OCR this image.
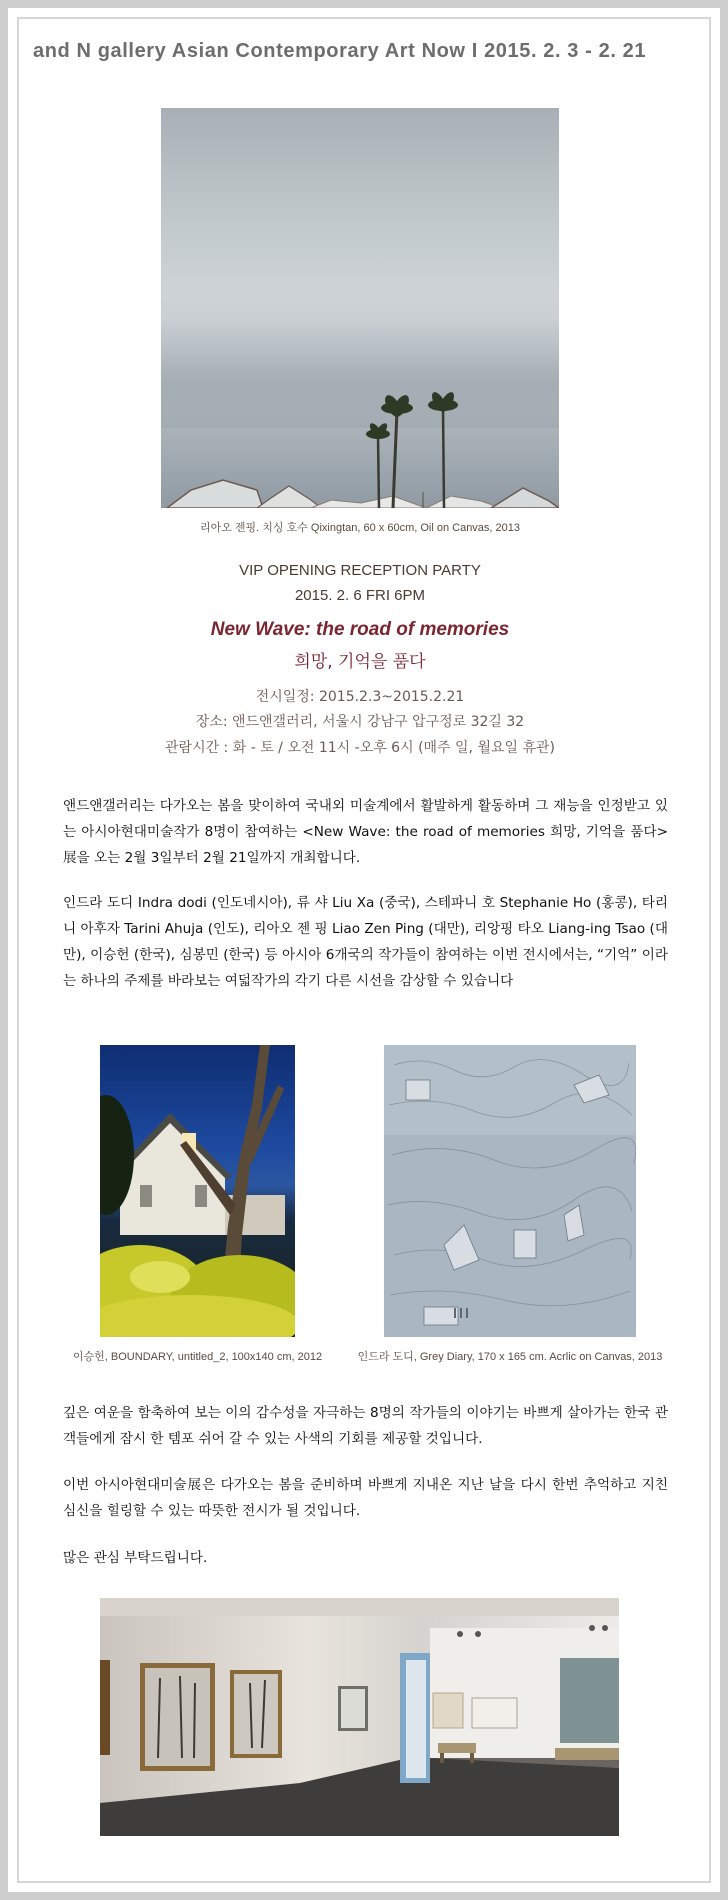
and N gallery Asian Contemporary Art Now I 2015. 2. 3 - 2. 21
리아오 젠핑. 치싱 호수 Qixingtan, 60 x 60cm, Oil on Canvas, 2013
VIP OPENING RECEPTION PARTY
2015. 2. 6 FRI 6PM
New Wave: the road of memories
희망, 기억을 품다
전시일정: 2015.2.3~2015.2.21
장소: 앤드앤갤러리, 서울시 강남구 압구정로 32길 32
관람시간 : 화 - 토 / 오전 11시 -오후 6시 (매주 일, 월요일 휴관)
앤드앤갤러리는 다가오는 봄을 맞이하여 국내외 미술계에서 활발하게 활동하며 그 재능을 인정받고 있는 아시아현대미술작가 8명이 참여하는 <New Wave: the road of memories 희망, 기억을 품다>展을 오는 2월 3일부터 2월 21일까지 개최합니다.
인드라 도디 Indra dodi (인도네시아), 류 샤 Liu Xa (중국), 스테파니 호 Stephanie Ho (홍콩), 타리니 아후자 Tarini Ahuja (인도), 리아오 젠 핑 Liao Zen Ping (대만), 리앙핑 타오 Liang-ing Tsao (대만), 이승헌 (한국), 심봉민 (한국) 등 아시아 6개국의 작가들이 참여하는 이번 전시에서는, “기억” 이라는 하나의 주제를 바라보는 여덟작가의 각기 다른 시선을 감상할 수 있습니다
이승헌, BOUNDARY, untitled_2, 100x140 cm, 2012	인드라 도디, Grey Diary, 170 x 165 cm. Acrlic on Canvas, 2013
깊은 여운을 함축하여 보는 이의 감수성을 자극하는 8명의 작가들의 이야기는 바쁘게 살아가는 한국 관객들에게 잠시 한 템포 쉬어 갈 수 있는 사색의 기회를 제공할 것입니다.
이번 아시아현대미술展은 다가오는 봄을 준비하며 바쁘게 지내온 지난 날을 다시 한번 추억하고 지친 심신을 힐링할 수 있는 따뜻한 전시가 될 것입니다.
많은 관심 부탁드립니다.
